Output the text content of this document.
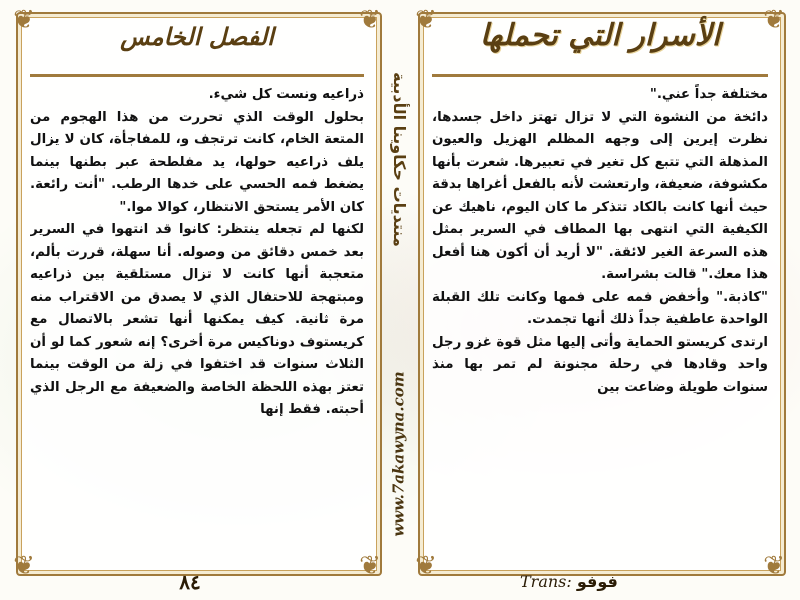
❦	❦
❦	❦
الفصل الخامس

ذراعيه ونست كل شيء.

بحلول الوقت الذي تحررت من هذا الهجوم من المتعة الخام، كانت ترتجف و، للمفاجأة، كان لا يزال يلف ذراعيه حولها، يد مفلطحة عبر بطنها بينما يضغط فمه الحسي على خدها الرطب. "أنت رائعة. كان الأمر يستحق الانتظار، كوالا موا."

لكنها لم تجعله ينتظر: كانوا قد انتهوا في السرير بعد خمس دقائق من وصوله. أنا سهلة، قررت بألم، متعجبة أنها كانت لا تزال مستلقية بين ذراعيه ومبتهجة للاحتفال الذي لا يصدق من الاقتراب منه مرة ثانية. كيف يمكنها أنها تشعر بالاتصال مع كريستوف دوناكيس مرة أخرى؟ إنه شعور كما لو أن الثلاث سنوات قد اختفوا في زلة من الوقت بينما تعتز بهذه اللحظة الخاصة والضعيفة مع الرجل الذي أحبته. فقط إنها

❦	❦
❦	❦
الأسرار التي تحملها

مختلفة جداً عني."

دائخة من النشوة التي لا تزال تهتز داخل جسدها، نظرت إيرين إلى وجهه المظلم الهزيل والعيون المذهلة التي تتبع كل تغير في تعبيرها. شعرت بأنها مكشوفة، ضعيفة، وارتعشت لأنه بالفعل أغراها بدقة حيث أنها كانت بالكاد تتذكر ما كان اليوم، ناهيك عن الكيفية التي انتهى بها المطاف في السرير بمثل هذه السرعة الغير لائقة. "لا أريد أن أكون هنا أفعل هذا معك." قالت بشراسة.

"كاذبة." وأخفض فمه على فمها وكانت تلك القبلة الواحدة عاطفية جداً ذلك أنها تجمدت.

ارتدى كريستو الحماية وأتى إليها مثل قوة غزو رجل واحد وقادها في رحلة مجنونة لم تمر بها منذ سنوات طويلة وضاعت بين

منتديات حكاوينا الأدبية
www.7akawyna.com
٨٤	Trans: فوفو
